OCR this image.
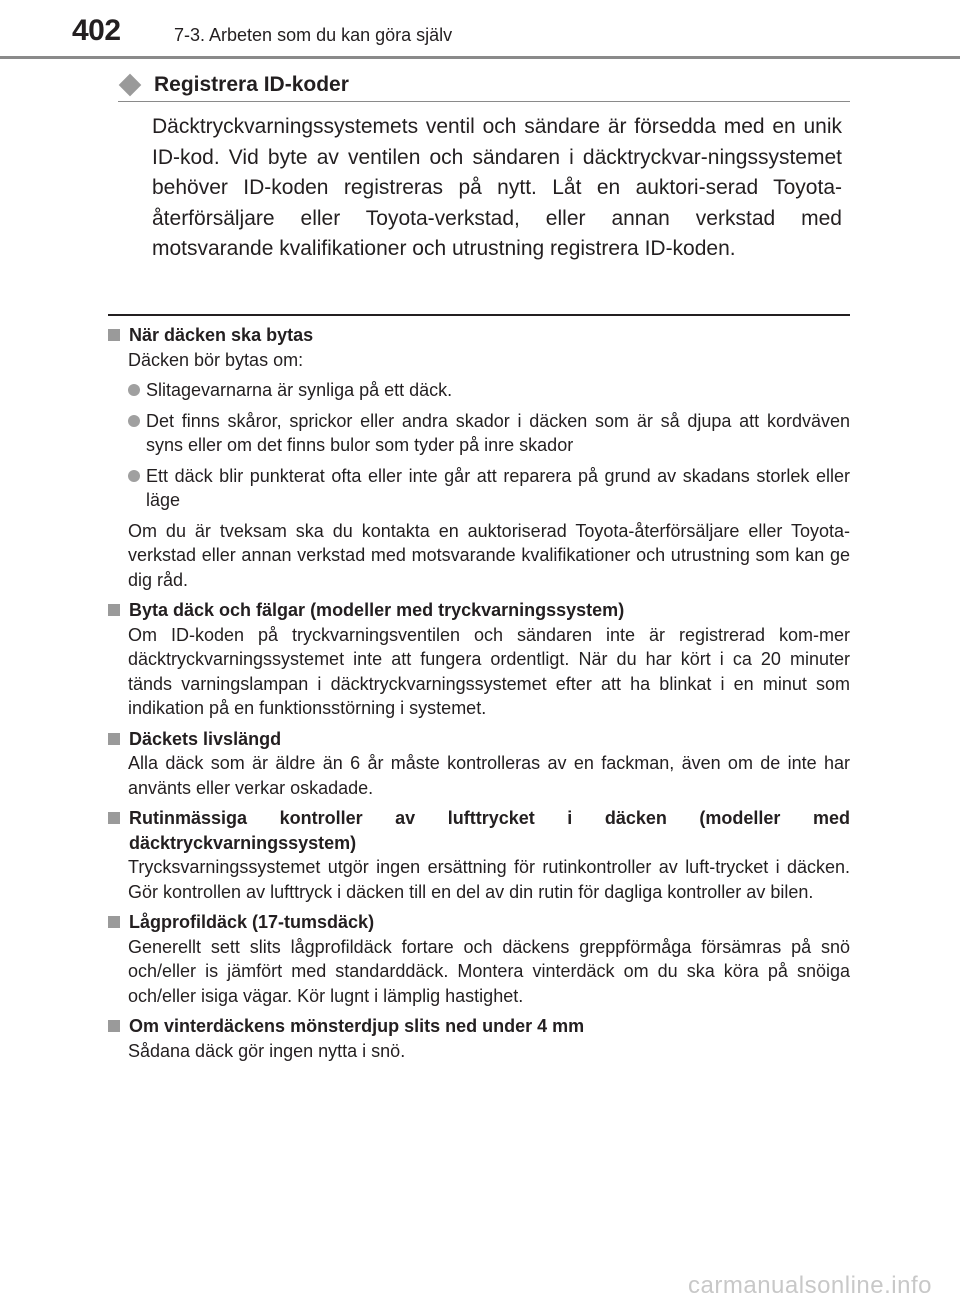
402	7-3. Arbeten som du kan göra själv
Registrera ID-koder
Däcktryckvarningssystemets ventil och sändare är försedda med en unik ID-kod. Vid byte av ventilen och sändaren i däcktryckvar-ningssystemet behöver ID-koden registreras på nytt. Låt en auktori-serad Toyota-återförsäljare eller Toyota-verkstad, eller annan verkstad med motsvarande kvalifikationer och utrustning registrera ID-koden.
När däcken ska bytas
Däcken bör bytas om:
Slitagevarnarna är synliga på ett däck.
Det finns skåror, sprickor eller andra skador i däcken som är så djupa att kordväven syns eller om det finns bulor som tyder på inre skador
Ett däck blir punkterat ofta eller inte går att reparera på grund av skadans storlek eller läge
Om du är tveksam ska du kontakta en auktoriserad Toyota-återförsäljare eller Toyota-verkstad eller annan verkstad med motsvarande kvalifikationer och utrustning som kan ge dig råd.
Byta däck och fälgar (modeller med tryckvarningssystem)
Om ID-koden på tryckvarningsventilen och sändaren inte är registrerad kom-mer däcktryckvarningssystemet inte att fungera ordentligt. När du har kört i ca 20 minuter tänds varningslampan i däcktryckvarningssystemet efter att ha blinkat i en minut som indikation på en funktionsstörning i systemet.
Däckets livslängd
Alla däck som är äldre än 6 år måste kontrolleras av en fackman, även om de inte har använts eller verkar oskadade.
Rutinmässiga kontroller av lufttrycket i däcken (modeller med däcktryckvarningssystem)
Trycksvarningssystemet utgör ingen ersättning för rutinkontroller av luft-trycket i däcken. Gör kontrollen av lufttryck i däcken till en del av din rutin för dagliga kontroller av bilen.
Lågprofildäck (17-tumsdäck)
Generellt sett slits lågprofildäck fortare och däckens greppförmåga försämras på snö och/eller is jämfört med standarddäck. Montera vinterdäck om du ska köra på snöiga och/eller isiga vägar. Kör lugnt i lämplig hastighet.
Om vinterdäckens mönsterdjup slits ned under 4 mm
Sådana däck gör ingen nytta i snö.
carmanualsonline.info
